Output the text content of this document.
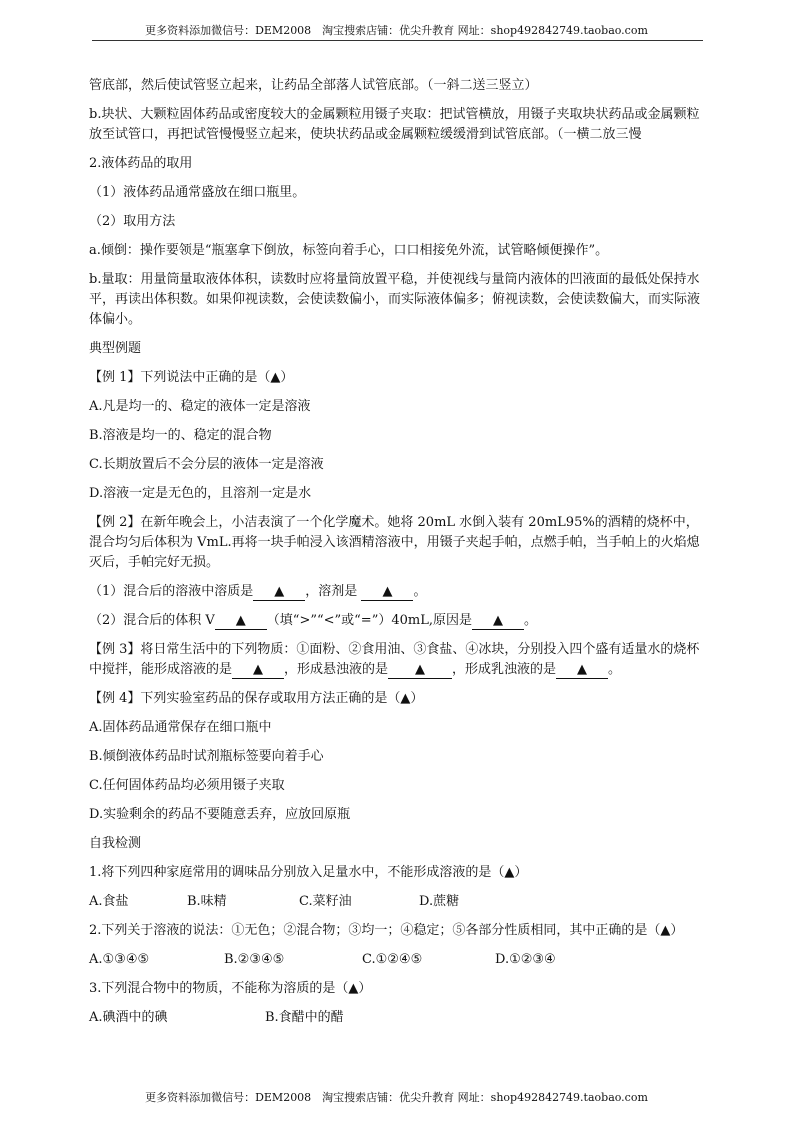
更多资料添加微信号：DEM2008　淘宝搜索店铺：优尖升教育 网址：shop492842749.taobao.com

管底部，然后使试管竖立起来，让药品全部落人试管底部。（一斜二送三竖立）

b.块状、大颗粒固体药品或密度较大的金属颗粒用镊子夹取：把试管横放，用镊子夹取块状药品或金属颗粒放至试管口，再把试管慢慢竖立起来，使块状药品或金属颗粒缓缓滑到试管底部。（一横二放三慢

2.液体药品的取用

（1）液体药品通常盛放在细口瓶里。

（2）取用方法

a.倾倒：操作要领是“瓶塞拿下倒放，标签向着手心，口口相接免外流，试管略倾便操作”。

b.量取：用量筒量取液体体积，读数时应将量筒放置平稳，并使视线与量筒内液体的凹液面的最低处保持水平，再读出体积数。如果仰视读数，会使读数偏小，而实际液体偏多；俯视读数，会使读数偏大，而实际液体偏小。

典型例题

【例 1】下列说法中正确的是（▲）

A.凡是均一的、稳定的液体一定是溶液

B.溶液是均一的、稳定的混合物

C.长期放置后不会分层的液体一定是溶液

D.溶液一定是无色的，且溶剂一定是水

【例 2】在新年晚会上，小洁表演了一个化学魔术。她将 20mL 水倒入装有 20mL95%的酒精的烧杯中，混合均匀后体积为 VmL.再将一块手帕浸入该酒精溶液中，用镊子夹起手帕，点燃手帕，当手帕上的火焰熄灭后，手帕完好无损。

（1）混合后的溶液中溶质是 ▲ ，溶剂是 ▲ 。

（2）混合后的体积 V ▲ （填“>”“<”或“=”）40mL,原因是 ▲ 。

【例 3】将日常生活中的下列物质：①面粉、②食用油、③食盐、④冰块，分别投入四个盛有适量水的烧杯中搅拌，能形成溶液的是 ▲ ，形成悬浊液的是 ▲ ，形成乳浊液的是 ▲ 。

【例 4】下列实验室药品的保存或取用方法正确的是（▲）

A.固体药品通常保存在细口瓶中

B.倾倒液体药品时试剂瓶标签要向着手心

C.任何固体药品均必须用镊子夹取

D.实验剩余的药品不要随意丢弃，应放回原瓶

自我检测

1.将下列四种家庭常用的调味品分别放入足量水中，不能形成溶液的是（▲）

A.食盐	B.味精	C.菜籽油	D.蔗糖

2.下列关于溶液的说法：①无色；②混合物；③均一；④稳定；⑤各部分性质相同，其中正确的是（▲）

A.①③④⑤	B.②③④⑤	C.①②④⑤	D.①②③④

3.下列混合物中的物质，不能称为溶质的是（▲）

A.碘酒中的碘	B.食醋中的醋
更多资料添加微信号：DEM2008　淘宝搜索店铺：优尖升教育 网址：shop492842749.taobao.com
